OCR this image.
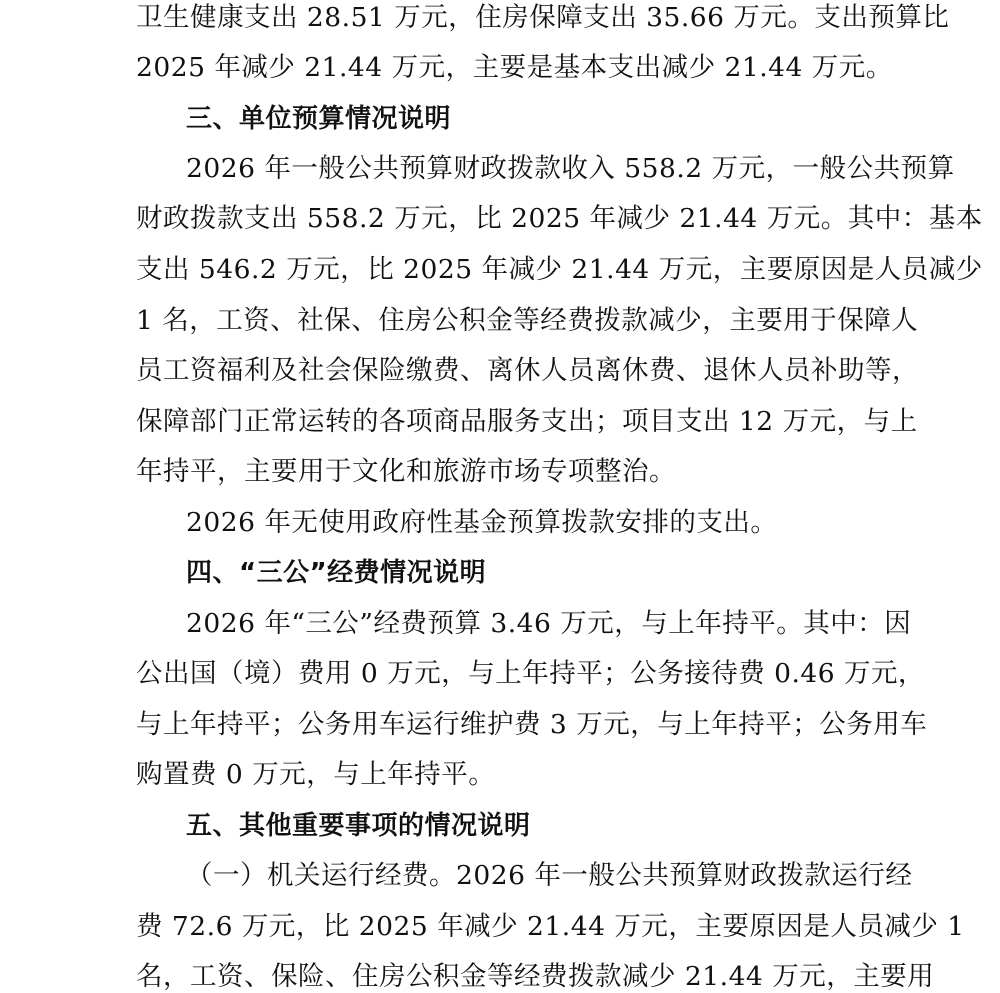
卫生健康支出 28.51 万元，住房保障支出 35.66 万元。支出预算比
2025 年减少 21.44 万元，主要是基本支出减少 21.44 万元。
三、单位预算情况说明
2026 年一般公共预算财政拨款收入 558.2 万元，一般公共预算
财政拨款支出 558.2 万元，比 2025 年减少 21.44 万元。其中：基本
支出 546.2 万元，比 2025 年减少 21.44 万元，主要原因是人员减少
1 名，工资、社保、住房公积金等经费拨款减少，主要用于保障人
员工资福利及社会保险缴费、离休人员离休费、退休人员补助等，
保障部门正常运转的各项商品服务支出；项目支出 12 万元，与上
年持平，主要用于文化和旅游市场专项整治。
2026 年无使用政府性基金预算拨款安排的支出。
四、“三公”经费情况说明
2026 年“三公”经费预算 3.46 万元，与上年持平。其中：因
公出国（境）费用 0 万元，与上年持平；公务接待费 0.46 万元，
与上年持平；公务用车运行维护费 3 万元，与上年持平；公务用车
购置费 0 万元，与上年持平。
五、其他重要事项的情况说明
（一）机关运行经费。2026 年一般公共预算财政拨款运行经
费 72.6 万元，比 2025 年减少 21.44 万元，主要原因是人员减少 1
名，工资、保险、住房公积金等经费拨款减少 21.44 万元，主要用
